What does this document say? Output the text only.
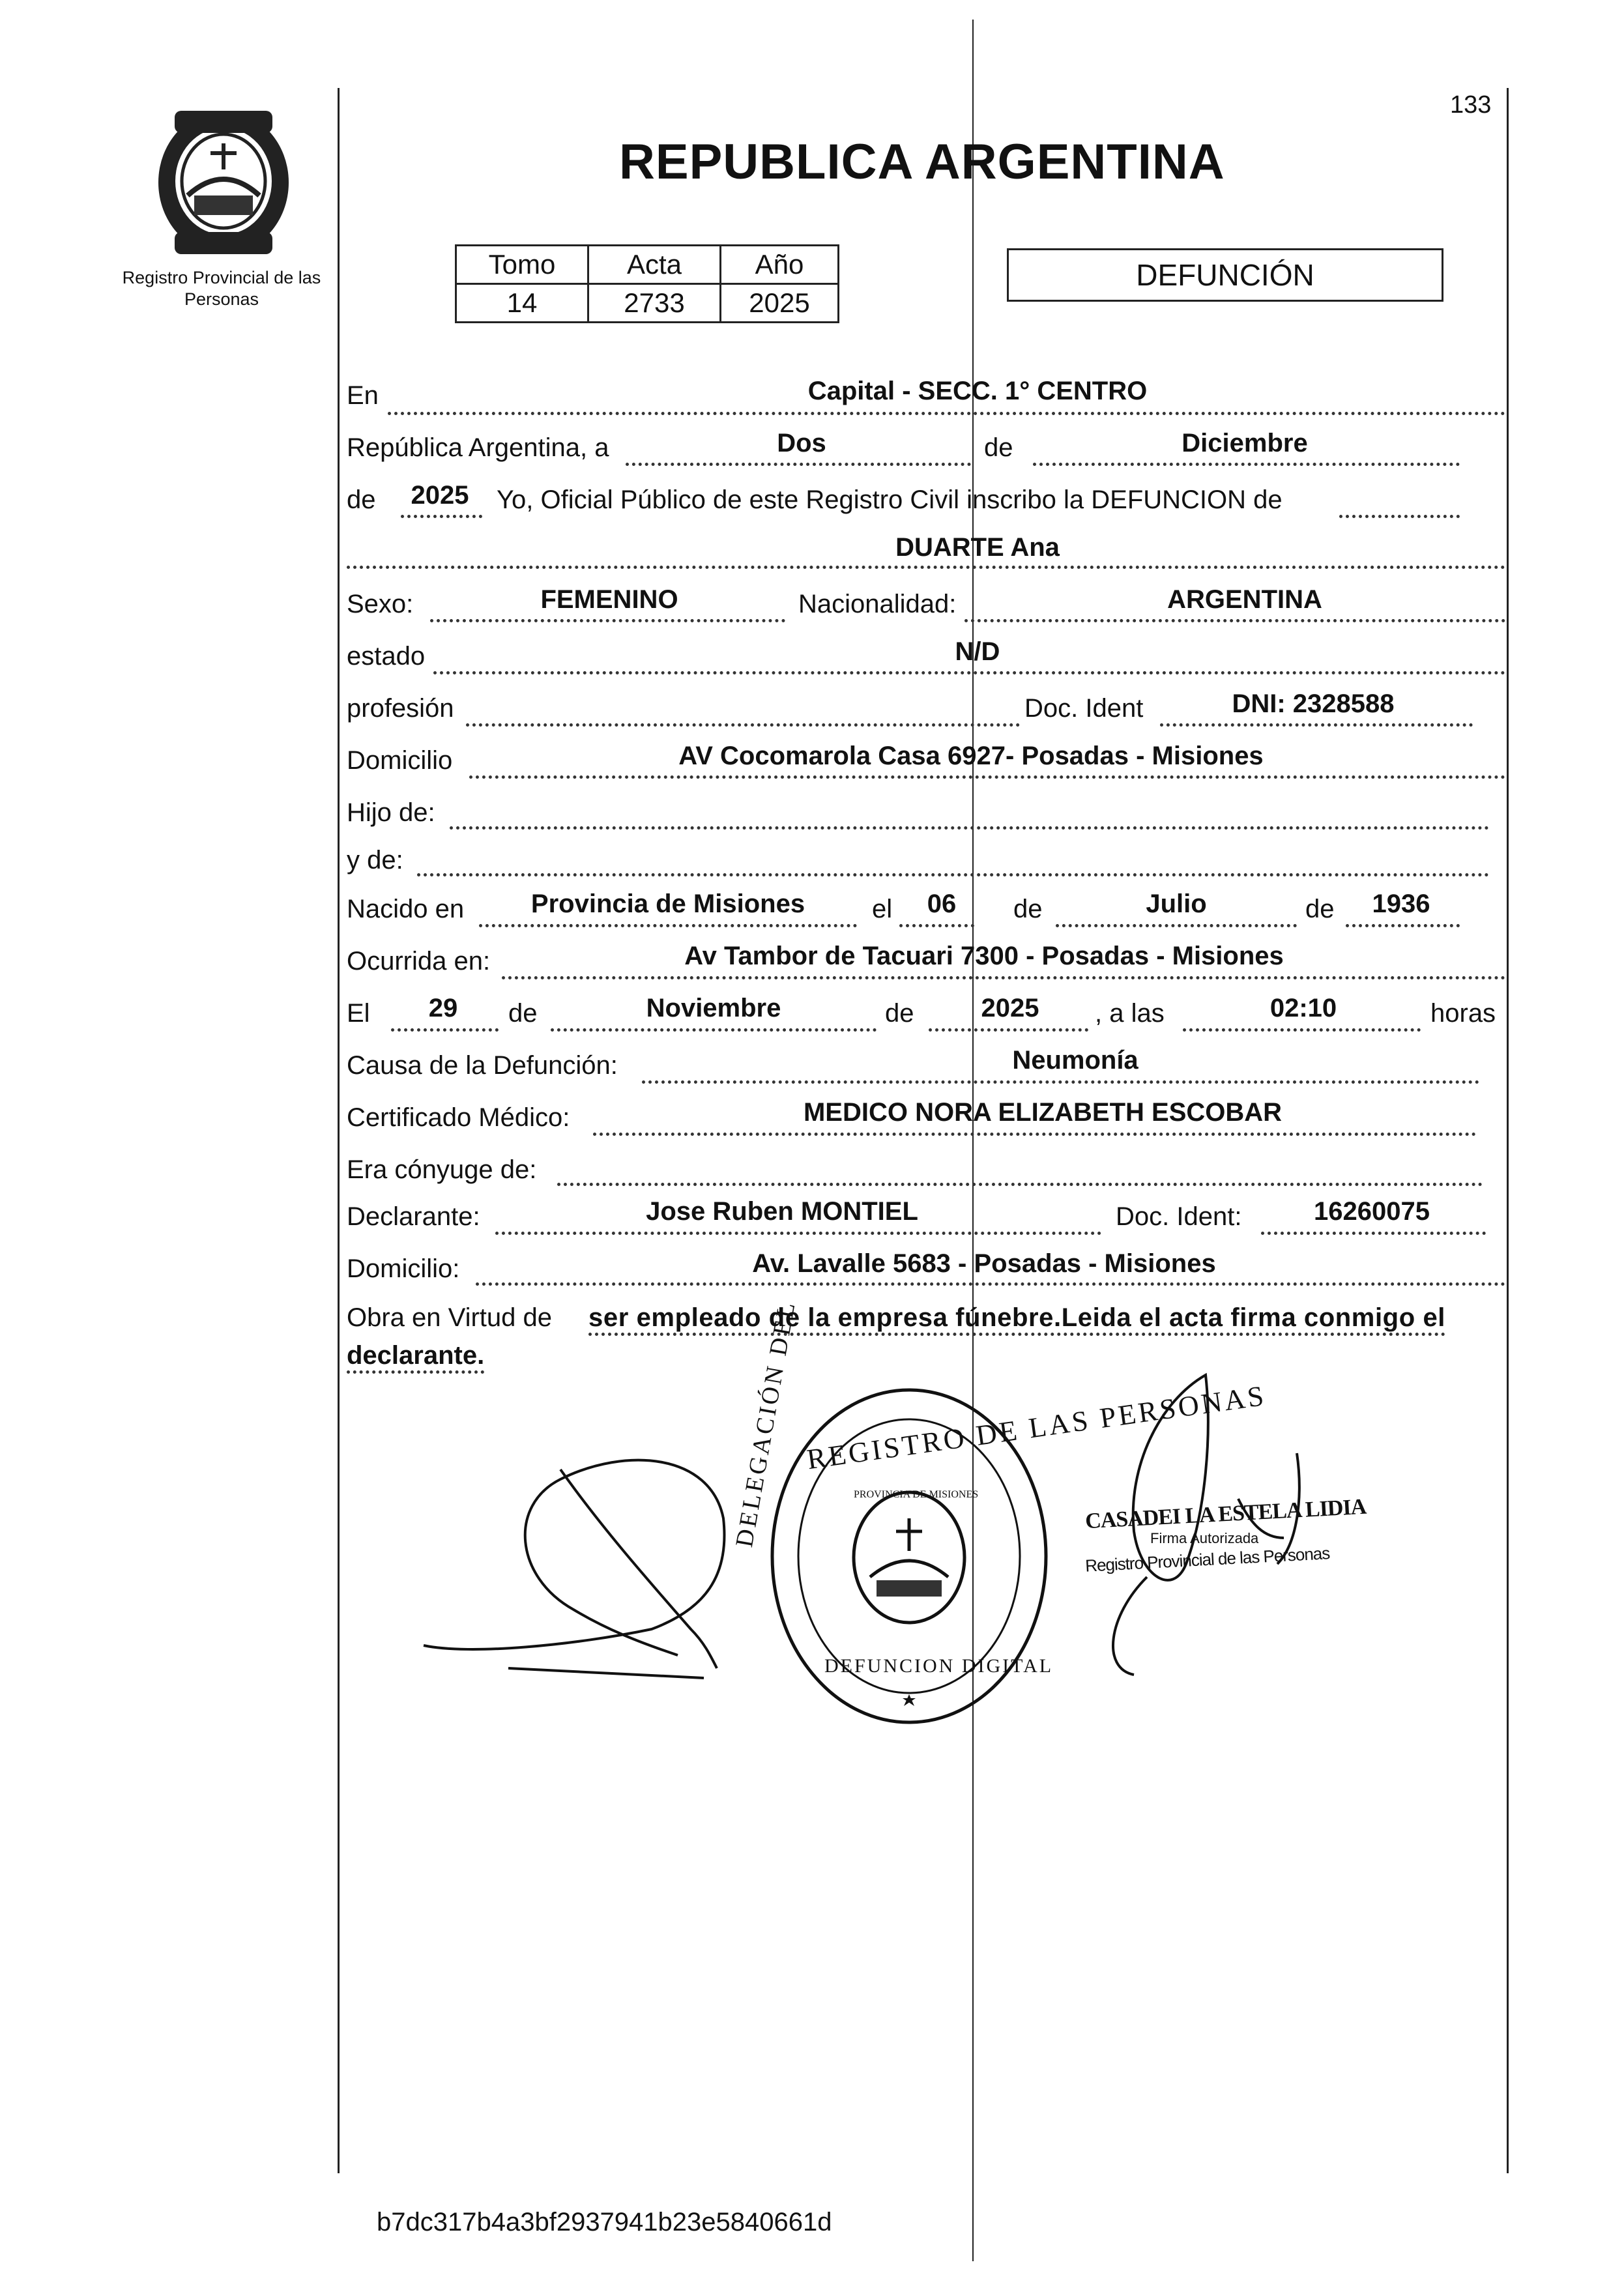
133
Registro Provincial de las Personas
REPUBLICA ARGENTINA
Tomo	Acta	Año
14	2733	2025
DEFUNCIÓN
En	Capital - SECC. 1° CENTRO
República Argentina, a	Dos	de	Diciembre
de	2025	Yo, Oficial Público de este Registro Civil inscribo la DEFUNCION de
DUARTE Ana
Sexo:	FEMENINO	Nacionalidad:	ARGENTINA
estado	N/D
profesión	Doc. Ident	DNI: 2328588
Domicilio	AV Cocomarola Casa 6927- Posadas - Misiones
Hijo de:
y de:
Nacido en	Provincia de Misiones	el	06	de	Julio	de	1936
Ocurrida en:	Av Tambor de Tacuari 7300 - Posadas - Misiones
El	29	de	Noviembre	de	2025	, a las	02:10	horas
Causa de la Defunción:	Neumonía
Certificado Médico:	MEDICO NORA ELIZABETH ESCOBAR
Era cónyuge de:
Declarante:	Jose Ruben MONTIEL	Doc. Ident:	16260075
Domicilio:	Av. Lavalle 5683 - Posadas - Misiones
Obra en Virtud de ser empleado de la empresa fúnebre.Leida el acta firma conmigo el
declarante.
REGISTRO DE LAS PERSONAS
DELEGACIÓN DEL
DEFUNCION DIGITAL
PROVINCIA DE MISIONES
CASADEI LA ESTELA LIDIA
Firma Autorizada
Registro Provincial de las Personas
b7dc317b4a3bf2937941b23e5840661d
